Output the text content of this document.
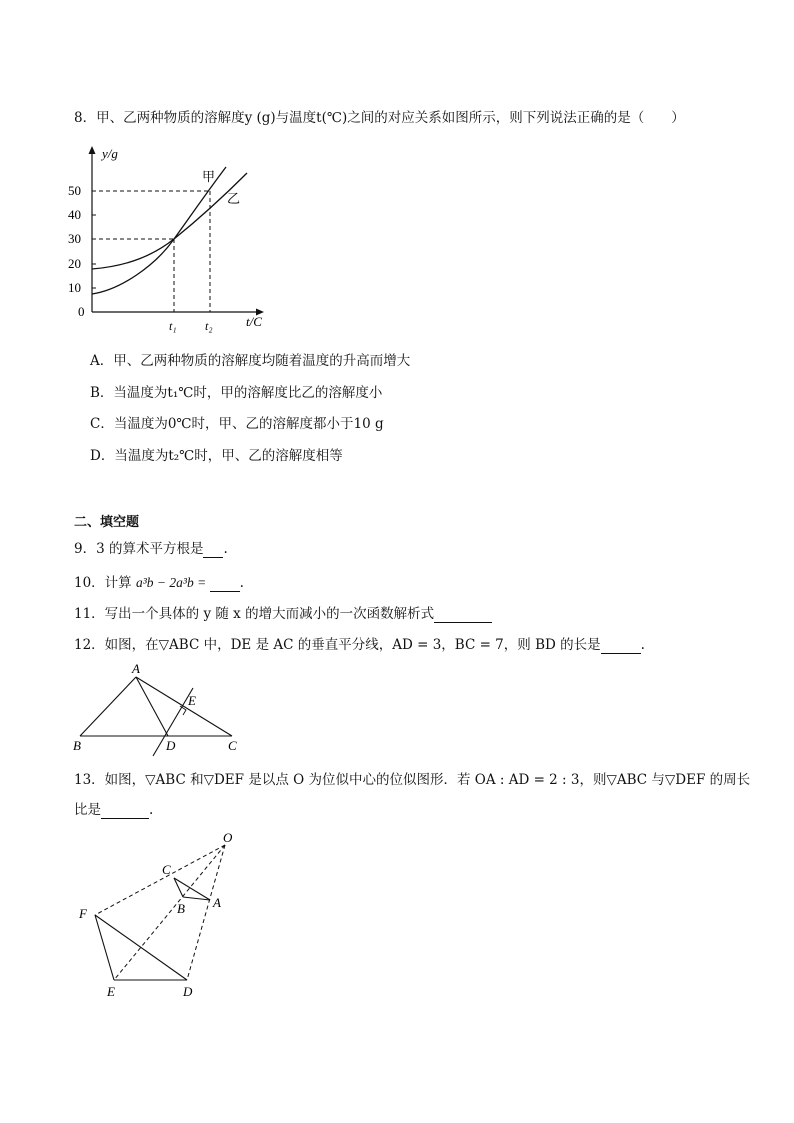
8．甲、乙两种物质的溶解度y (g)与温度t(℃)之间的对应关系如图所示，则下列说法正确的是（　　）
y/g
50
40
30
20
10
0
t₁ t₂	t/C
甲
乙
A．甲、乙两种物质的溶解度均随着温度的升高而增大
B．当温度为t₁℃时，甲的溶解度比乙的溶解度小
C．当温度为0℃时，甲、乙的溶解度都小于10 g
D．当温度为t₂℃时，甲、乙的溶解度相等
二、填空题
9．3 的算术平方根是 .
10．计算 a³b − 2a³b = .
11．写出一个具体的 y 随 x 的增大而减小的一次函数解析式
12．如图，在▽ABC 中，DE 是 AC 的垂直平分线，AD = 3，BC = 7，则 BD 的长是	.
A
B	C
D
E
13．如图，▽ABC 和▽DEF 是以点 O 为位似中心的位似图形．若 OA : AD = 2 : 3，则▽ABC 与▽DEF 的周长
比是	.
O
C
B A
F
E	D
